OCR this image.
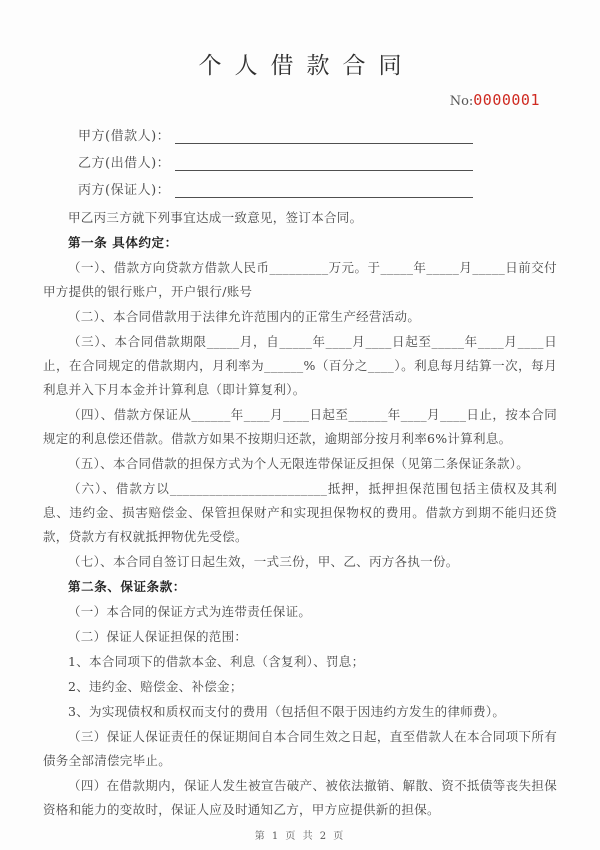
个人借款合同
No:0000001
甲方(借款人)：
乙方(出借人)：
丙方(保证人)：

甲乙丙三方就下列事宜达成一致意见，签订本合同。

第一条 具体约定：

（一）、借款方向贷款方借款人民币_________万元。于_____年_____月_____日前交付甲方提供的银行账户，开户银行/账号

（二）、本合同借款用于法律允许范围内的正常生产经营活动。

（三）、本合同借款期限_____月，自_____年____月____日起至_____年____月____日止，在合同规定的借款期内，月利率为______%（百分之____）。利息每月结算一次，每月利息并入下月本金并计算利息（即计算复利）。

（四）、借款方保证从______年____月____日起至______年____月____日止，按本合同规定的利息偿还借款。借款方如果不按期归还款，逾期部分按月利率6%计算利息。

（五）、本合同借款的担保方式为个人无限连带保证反担保（见第二条保证条款）。

（六）、借款方以________________________抵押，抵押担保范围包括主债权及其利息、违约金、损害赔偿金、保管担保财产和实现担保物权的费用。借款方到期不能归还贷款，贷款方有权就抵押物优先受偿。

（七）、本合同自签订日起生效，一式三份，甲、乙、丙方各执一份。

第二条、保证条款：

（一）本合同的保证方式为连带责任保证。

（二）保证人保证担保的范围：

1、本合同项下的借款本金、利息（含复利）、罚息；

2、违约金、赔偿金、补偿金；

3、为实现债权和质权而支付的费用（包括但不限于因违约方发生的律师费）。

（三）保证人保证责任的保证期间自本合同生效之日起，直至借款人在本合同项下所有债务全部清偿完毕止。

（四）在借款期内，保证人发生被宣告破产、被依法撤销、解散、资不抵债等丧失担保资格和能力的变故时，保证人应及时通知乙方，甲方应提供新的担保。

第 1 页 共 2 页
